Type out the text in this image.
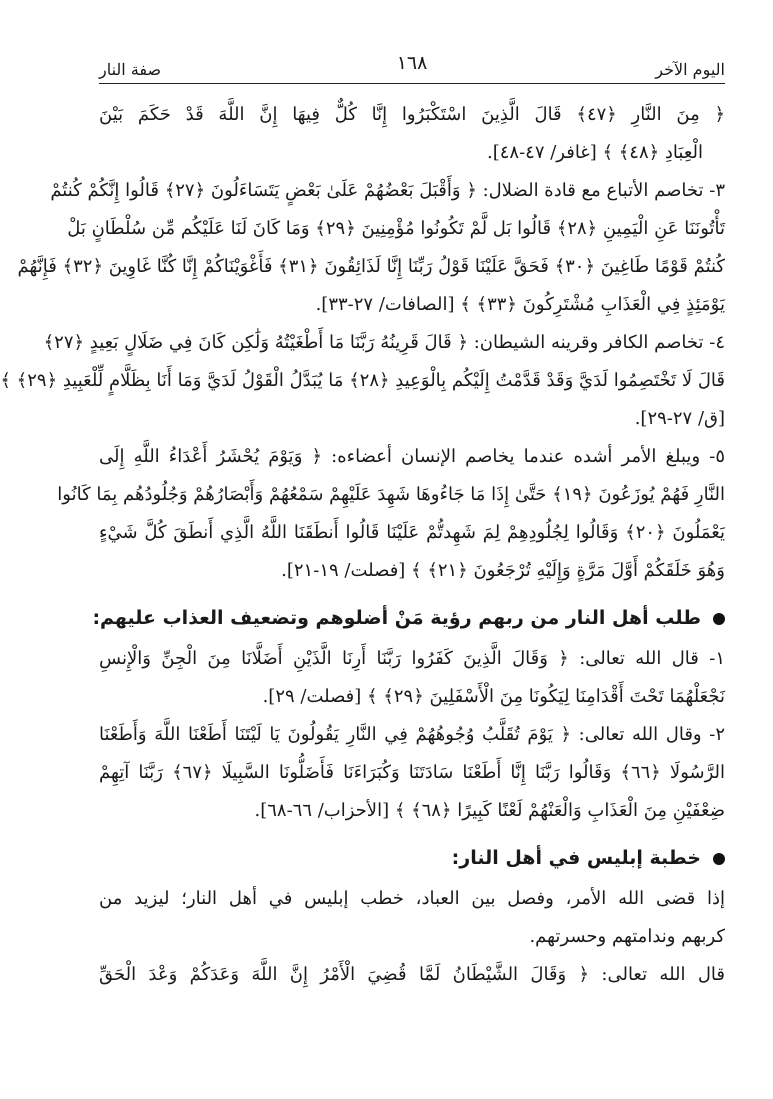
اليوم الآخر
١٦٨
صفة النار
﴿ مِنَ النَّارِ ﴿٤٧﴾ قَالَ الَّذِينَ اسْتَكْبَرُوا إِنَّا كُلٌّ فِيهَا إِنَّ اللَّهَ قَدْ حَكَمَ بَيْنَ
الْعِبَادِ ﴿٤٨﴾ ﴾ [غافر/ ٤٧-٤٨].
٣- تخاصم الأتباع مع قادة الضلال: ﴿ وَأَقْبَلَ بَعْضُهُمْ عَلَىٰ بَعْضٍ يَتَسَاءَلُونَ ﴿٢٧﴾ قَالُوا إِنَّكُمْ كُنتُمْ
تَأْتُونَنَا عَنِ الْيَمِينِ ﴿٢٨﴾ قَالُوا بَل لَّمْ تَكُونُوا مُؤْمِنِينَ ﴿٢٩﴾ وَمَا كَانَ لَنَا عَلَيْكُم مِّن سُلْطَانٍ بَلْ
كُنتُمْ قَوْمًا طَاغِينَ ﴿٣٠﴾ فَحَقَّ عَلَيْنَا قَوْلُ رَبِّنَا إِنَّا لَذَائِقُونَ ﴿٣١﴾ فَأَغْوَيْنَاكُمْ إِنَّا كُنَّا غَاوِينَ ﴿٣٢﴾ فَإِنَّهُمْ
يَوْمَئِذٍ فِي الْعَذَابِ مُشْتَرِكُونَ ﴿٣٣﴾ ﴾ [الصافات/ ٢٧-٣٣].
٤- تخاصم الكافر وقرينه الشيطان: ﴿ قَالَ قَرِينُهُ رَبَّنَا مَا أَطْغَيْتُهُ وَلَٰكِن كَانَ فِي ضَلَالٍ بَعِيدٍ ﴿٢٧﴾
قَالَ لَا تَخْتَصِمُوا لَدَيَّ وَقَدْ قَدَّمْتُ إِلَيْكُم بِالْوَعِيدِ ﴿٢٨﴾ مَا يُبَدَّلُ الْقَوْلُ لَدَيَّ وَمَا أَنَا بِظَلَّامٍ لِّلْعَبِيدِ ﴿٢٩﴾ ﴾
[ق/ ٢٧-٢٩].
٥- ويبلغ الأمر أشده عندما يخاصم الإنسان أعضاءه: ﴿ وَيَوْمَ يُحْشَرُ أَعْدَاءُ اللَّهِ إِلَى
النَّارِ فَهُمْ يُوزَعُونَ ﴿١٩﴾ حَتَّىٰ إِذَا مَا جَاءُوهَا شَهِدَ عَلَيْهِمْ سَمْعُهُمْ وَأَبْصَارُهُمْ وَجُلُودُهُم بِمَا كَانُوا
يَعْمَلُونَ ﴿٢٠﴾ وَقَالُوا لِجُلُودِهِمْ لِمَ شَهِدتُّمْ عَلَيْنَا قَالُوا أَنطَقَنَا اللَّهُ الَّذِي أَنطَقَ كُلَّ شَيْءٍ
وَهُوَ خَلَقَكُمْ أَوَّلَ مَرَّةٍ وَإِلَيْهِ تُرْجَعُونَ ﴿٢١﴾ ﴾ [فصلت/ ١٩-٢١].
طلب أهل النار من ربهم رؤية مَنْ أضلوهم وتضعيف العذاب عليهم:
١- قال الله تعالى: ﴿ وَقَالَ الَّذِينَ كَفَرُوا رَبَّنَا أَرِنَا الَّذَيْنِ أَضَلَّانَا مِنَ الْجِنِّ وَالْإِنسِ
نَجْعَلْهُمَا تَحْتَ أَقْدَامِنَا لِيَكُونَا مِنَ الْأَسْفَلِينَ ﴿٢٩﴾ ﴾ [فصلت/ ٢٩].
٢- وقال الله تعالى: ﴿ يَوْمَ تُقَلَّبُ وُجُوهُهُمْ فِي النَّارِ يَقُولُونَ يَا لَيْتَنَا أَطَعْنَا اللَّهَ وَأَطَعْنَا
الرَّسُولَا ﴿٦٦﴾ وَقَالُوا رَبَّنَا إِنَّا أَطَعْنَا سَادَتَنَا وَكُبَرَاءَنَا فَأَضَلُّونَا السَّبِيلَا ﴿٦٧﴾ رَبَّنَا آتِهِمْ
ضِعْفَيْنِ مِنَ الْعَذَابِ وَالْعَنْهُمْ لَعْنًا كَبِيرًا ﴿٦٨﴾ ﴾ [الأحزاب/ ٦٦-٦٨].
خطبة إبليس في أهل النار:
إذا قضى الله الأمر، وفصل بين العباد، خطب إبليس في أهل النار؛ ليزيد من
كربهم وندامتهم وحسرتهم.
قال الله تعالى: ﴿ وَقَالَ الشَّيْطَانُ لَمَّا قُضِيَ الْأَمْرُ إِنَّ اللَّهَ وَعَدَكُمْ وَعْدَ الْحَقِّ
